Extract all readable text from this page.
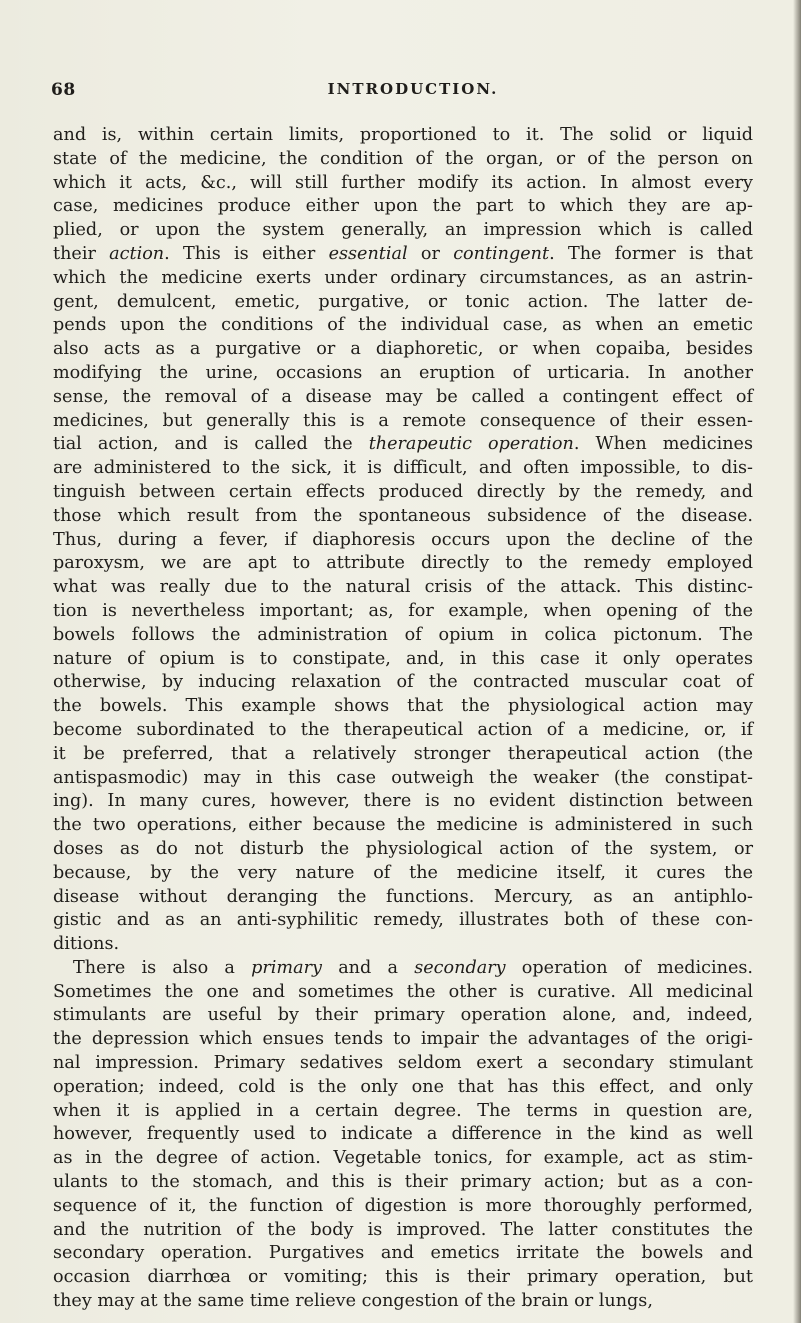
68	INTRODUCTION.
and is, within certain limits, proportioned to it. The solid or liquid
state of the medicine, the condition of the organ, or of the person on
which it acts, &c., will still further modify its action. In almost every
case, medicines produce either upon the part to which they are ap-
plied, or upon the system generally, an impression which is called
their action. This is either essential or contingent. The former is that
which the medicine exerts under ordinary circumstances, as an astrin-
gent, demulcent, emetic, purgative, or tonic action. The latter de-
pends upon the conditions of the individual case, as when an emetic
also acts as a purgative or a diaphoretic, or when copaiba, besides
modifying the urine, occasions an eruption of urticaria. In another
sense, the removal of a disease may be called a contingent effect of
medicines, but generally this is a remote consequence of their essen-
tial action, and is called the therapeutic operation. When medicines
are administered to the sick, it is difficult, and often impossible, to dis-
tinguish between certain effects produced directly by the remedy, and
those which result from the spontaneous subsidence of the disease.
Thus, during a fever, if diaphoresis occurs upon the decline of the
paroxysm, we are apt to attribute directly to the remedy employed
what was really due to the natural crisis of the attack. This distinc-
tion is nevertheless important; as, for example, when opening of the
bowels follows the administration of opium in colica pictonum. The
nature of opium is to constipate, and, in this case it only operates
otherwise, by inducing relaxation of the contracted muscular coat of
the bowels. This example shows that the physiological action may
become subordinated to the therapeutical action of a medicine, or, if
it be preferred, that a relatively stronger therapeutical action (the
antispasmodic) may in this case outweigh the weaker (the constipat-
ing). In many cures, however, there is no evident distinction between
the two operations, either because the medicine is administered in such
doses as do not disturb the physiological action of the system, or
because, by the very nature of the medicine itself, it cures the
disease without deranging the functions. Mercury, as an antiphlo-
gistic and as an anti-syphilitic remedy, illustrates both of these con-
ditions.
There is also a primary and a secondary operation of medicines.
Sometimes the one and sometimes the other is curative. All medicinal
stimulants are useful by their primary operation alone, and, indeed,
the depression which ensues tends to impair the advantages of the origi-
nal impression. Primary sedatives seldom exert a secondary stimulant
operation; indeed, cold is the only one that has this effect, and only
when it is applied in a certain degree. The terms in question are,
however, frequently used to indicate a difference in the kind as well
as in the degree of action. Vegetable tonics, for example, act as stim-
ulants to the stomach, and this is their primary action; but as a con-
sequence of it, the function of digestion is more thoroughly performed,
and the nutrition of the body is improved. The latter constitutes the
secondary operation. Purgatives and emetics irritate the bowels and
occasion diarrhœa or vomiting; this is their primary operation, but
they may at the same time relieve congestion of the brain or lungs,
